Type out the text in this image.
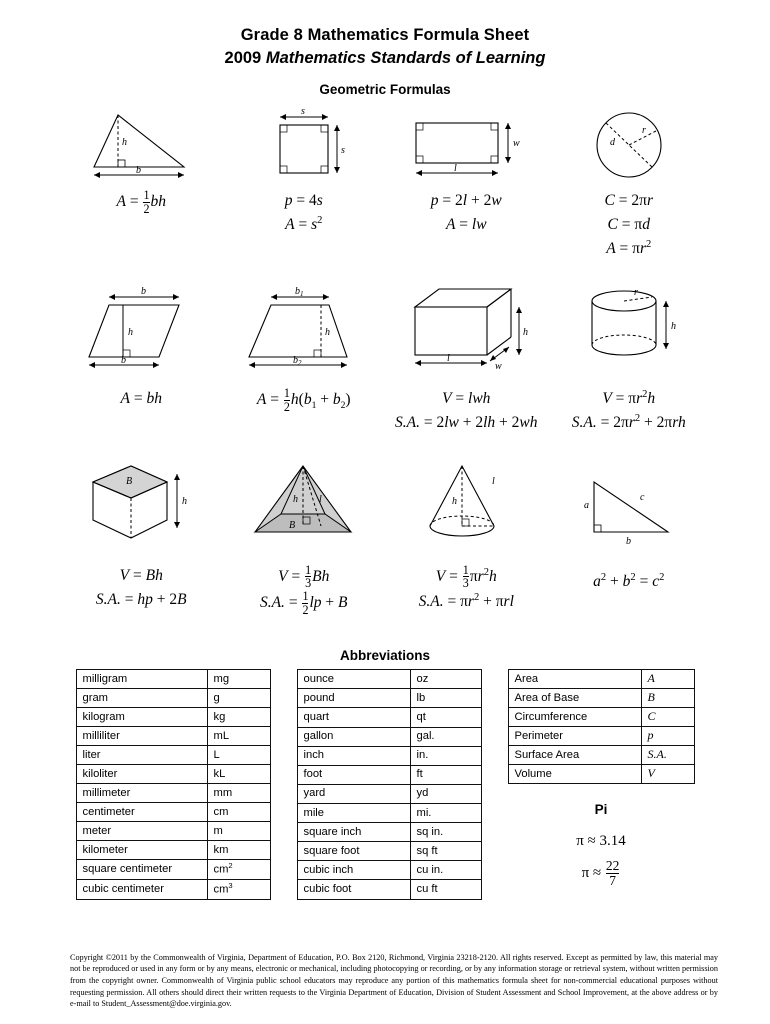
Grade 8 Mathematics Formula Sheet
2009 Mathematics Standards of Learning
Geometric Formulas
h
b
$A = \frac{1}{2}$ bh
s
s
p = 4s
$A = s^2$
w
l
p = 2l + 2w
A = lw
d
r
C = 2πr
C = πd
$A = \pi r^2$
b
h
b
A = bh
$b_1$
h
$b_2$
$A = \frac{1}{2} h(b_1 + b_2)$
h
l
w
V = lwh
S.A. = 2lw + 2lh + 2wh
r
h
$V = \pi r^2h$
S.A. = $2\pi r^2 + 2\pi rh$
B
h
V = Bh
S.A. = hp + 2B
h l
B
$V = \frac{1}{3}$ Bh
S.A. = $\frac{1}{2}$ lp + B
h
l
$V = \frac{1}{3} \pi r^2h$
S.A. = $\pi r^2 + \pi rl$
a
b
c
$a^2 + b^2 = c^2$
Abbreviations
milligram	mg
gram	g
kilogram	kg
milliliter	mL
liter	L
kiloliter	kL
millimeter	mm
centimeter	cm
meter	m
kilometer	km
square centimeter	$cm^2$
cubic centimeter	$cm^3$
ounce	oz
pound	lb
quart	qt
gallon	gal.
inch	in.
foot	ft
yard	yd
mile	mi.
square inch	sq in.
square foot	sq ft
cubic inch	cu in.
cubic foot	cu ft
Area	A
Area of Base	B
Circumference	C
Perimeter	p
Surface Area	S.A.
Volume	V
Pi
π ≈ 3.14
$\pi \approx \frac{22}{7}$
Copyright ©2011 by the Commonwealth of Virginia, Department of Education, P.O. Box 2120, Richmond, Virginia 23218-2120. All rights reserved. Except as permitted by law, this material may not be reproduced or used in any form or by any means, electronic or mechanical, including photocopying or recording, or by any information storage or retrieval system, without written permission from the copyright owner. Commonwealth of Virginia public school educators may reproduce any portion of this mathematics formula sheet for non-commercial educational purposes without requesting permission. All others should direct their written requests to the Virginia Department of Education, Division of Student Assessment and School Improvement, at the above address or by e-mail to Student_Assessment@doe.virginia.gov.
